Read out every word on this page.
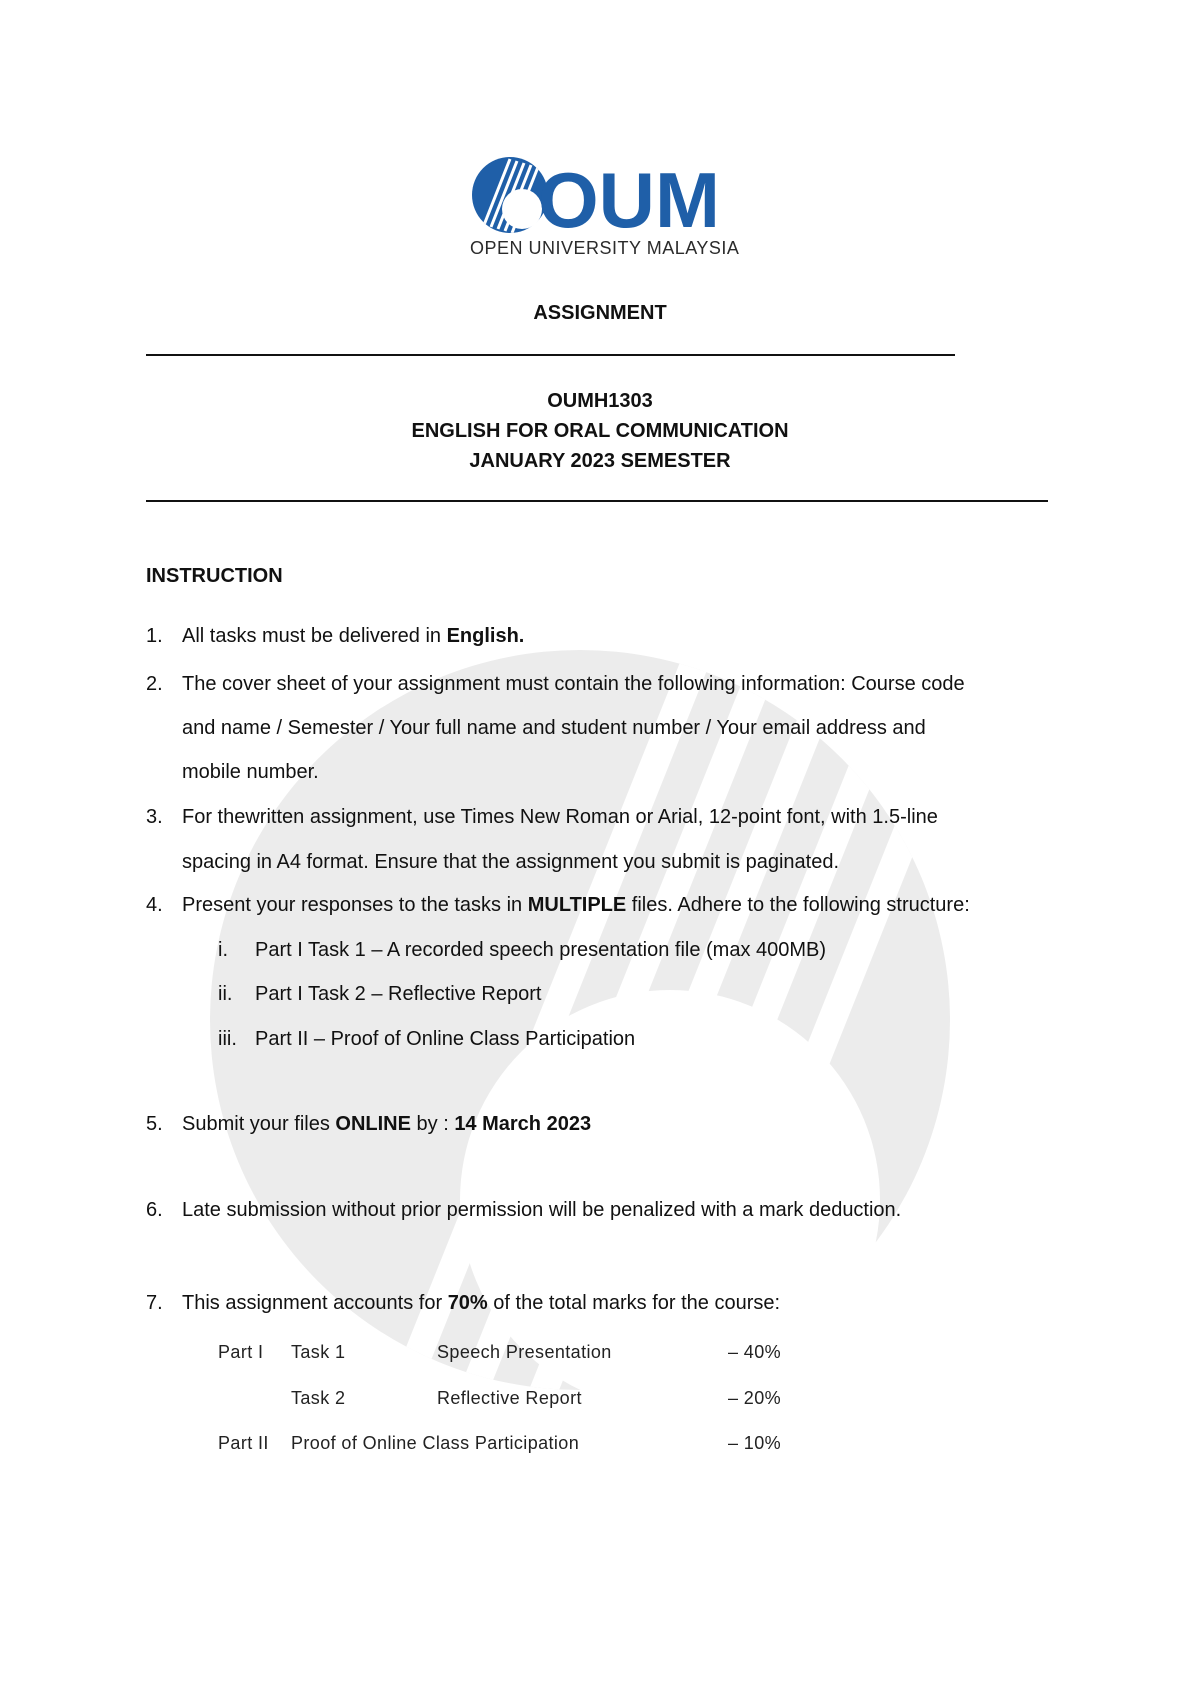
OUM
OPEN UNIVERSITY MALAYSIA
ASSIGNMENT
OUMH1303
ENGLISH FOR ORAL COMMUNICATION
JANUARY 2023 SEMESTER
INSTRUCTION
1. All tasks must be delivered in English.
2. The cover sheet of your assignment must contain the following information: Course code
and name / Semester / Your full name and student number / Your email address and
mobile number.
3. For thewritten assignment, use Times New Roman or Arial, 12-point font, with 1.5-line
spacing in A4 format. Ensure that the assignment you submit is paginated.
4. Present your responses to the tasks in MULTIPLE files. Adhere to the following structure:
i. Part I Task 1 – A recorded speech presentation file (max 400MB)
ii. Part I Task 2 – Reflective Report
iii. Part II – Proof of Online Class Participation
5. Submit your files ONLINE by : 14 March 2023
6. Late submission without prior permission will be penalized with a mark deduction.
7. This assignment accounts for 70% of the total marks for the course:
Part I Task 1	Speech Presentation	– 40%
Task 2	Reflective Report	– 20%
Part II Proof of Online Class Participation	– 10%
